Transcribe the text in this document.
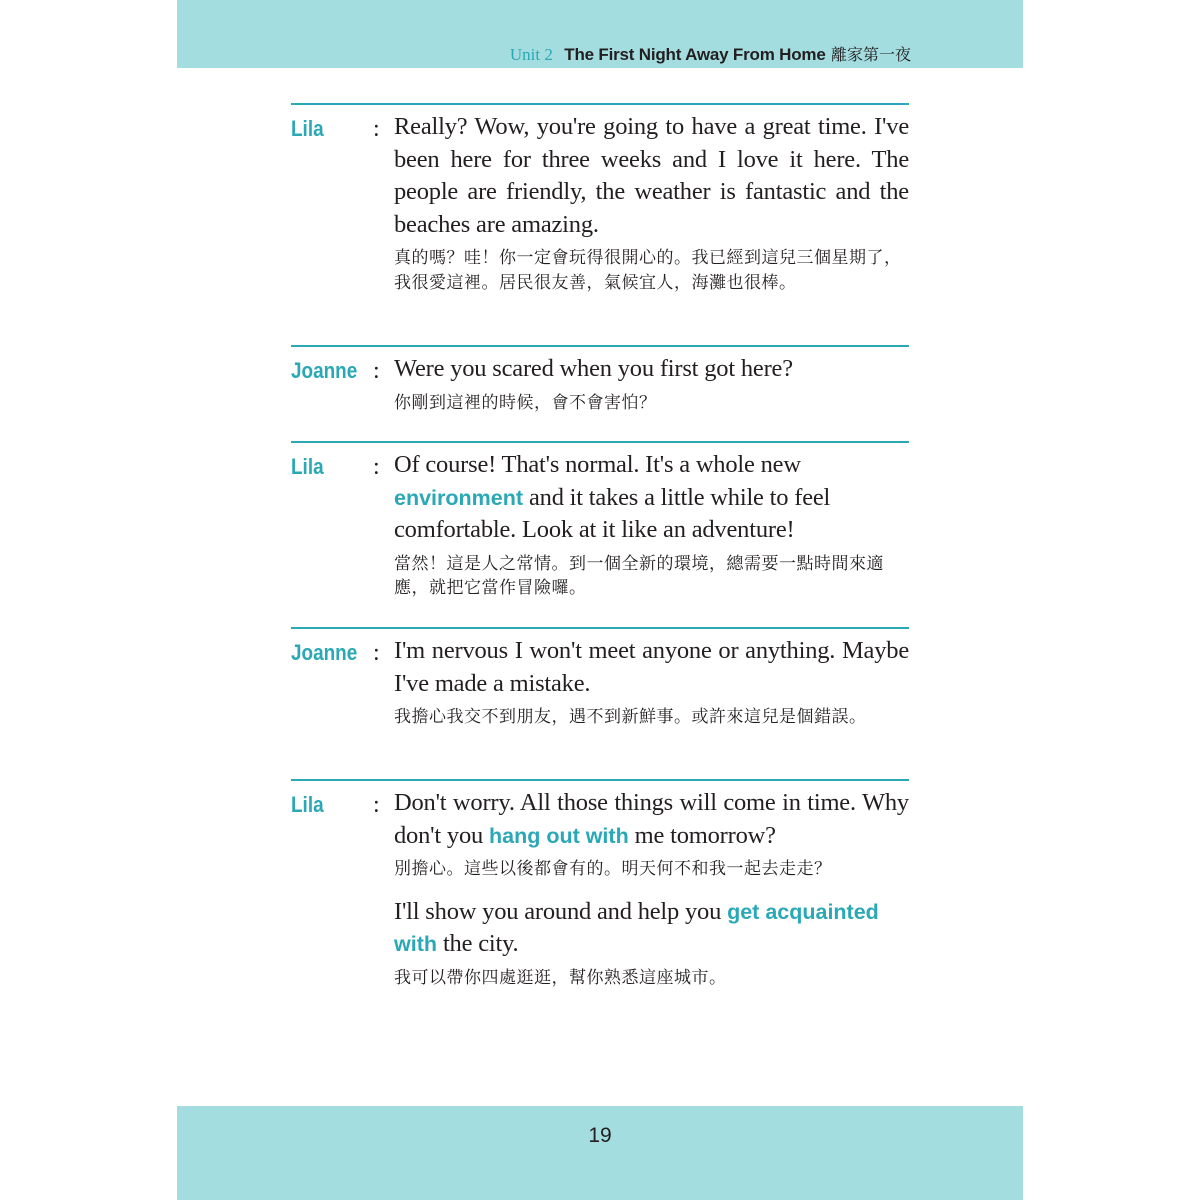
Unit 2 The First Night Away From Home 離家第一夜
Lila : Really? Wow, you're going to have a great time. I've been here for three weeks and I love it here. The people are friendly, the weather is fantastic and the beaches are amazing.

真的嗎？哇！你一定會玩得很開心的。我已經到這兒三個星期了，我很愛這裡。居民很友善，氣候宜人，海灘也很棒。

Joanne : Were you scared when you first got here?

你剛到這裡的時候，會不會害怕？

Lila : Of course! That's normal. It's a whole new environment and it takes a little while to feel comfortable. Look at it like an adventure!

當然！這是人之常情。到一個全新的環境，總需要一點時間來適應，就把它當作冒險囉。

Joanne : I'm nervous I won't meet anyone or anything. Maybe I've made a mistake.

我擔心我交不到朋友，遇不到新鮮事。或許來這兒是個錯誤。

Lila : Don't worry. All those things will come in time. Why don't you hang out with me tomorrow?

別擔心。這些以後都會有的。明天何不和我一起去走走？

I'll show you around and help you get acquainted with the city.

我可以帶你四處逛逛，幫你熟悉這座城市。

19
